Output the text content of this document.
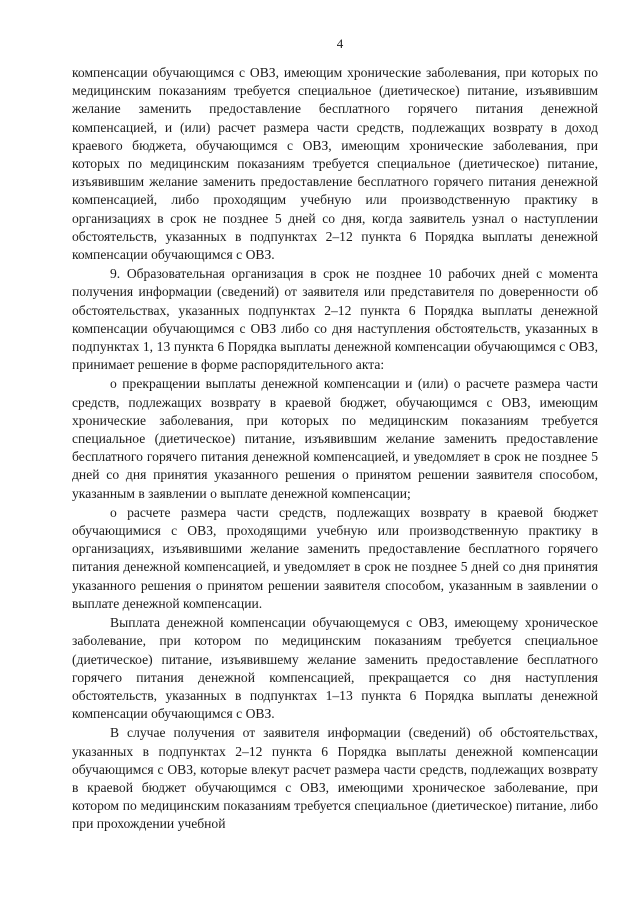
4

компенсации обучающимся с ОВЗ, имеющим хронические заболевания, при которых по медицинским показаниям требуется специальное (диетическое) питание, изъявившим желание заменить предоставление бесплатного горячего питания денежной компенсацией, и (или) расчет размера части средств, подлежащих возврату в доход краевого бюджета, обучающимся с ОВЗ, имеющим хронические заболевания, при которых по медицинским показаниям требуется специальное (диетическое) питание, изъявившим желание заменить предоставление бесплатного горячего питания денежной компенсацией, либо проходящим учебную или производственную практику в организациях в срок не позднее 5 дней со дня, когда заявитель узнал о наступлении обстоятельств, указанных в подпунктах 2–12 пункта 6 Порядка выплаты денежной компенсации обучающимся с ОВЗ.

9. Образовательная организация в срок не позднее 10 рабочих дней с момента получения информации (сведений) от заявителя или представителя по доверенности об обстоятельствах, указанных подпунктах 2–12 пункта 6 Порядка выплаты денежной компенсации обучающимся с ОВЗ либо со дня наступления обстоятельств, указанных в подпунктах 1, 13 пункта 6 Порядка выплаты денежной компенсации обучающимся с ОВЗ, принимает решение в форме распорядительного акта:

о прекращении выплаты денежной компенсации и (или) о расчете размера части средств, подлежащих возврату в краевой бюджет, обучающимся с ОВЗ, имеющим хронические заболевания, при которых по медицинским показаниям требуется специальное (диетическое) питание, изъявившим желание заменить предоставление бесплатного горячего питания денежной компенсацией, и уведомляет в срок не позднее 5 дней со дня принятия указанного решения о принятом решении заявителя способом, указанным в заявлении о выплате денежной компенсации;

о расчете размера части средств, подлежащих возврату в краевой бюджет обучающимися с ОВЗ, проходящими учебную или производственную практику в организациях, изъявившими желание заменить предоставление бесплатного горячего питания денежной компенсацией, и уведомляет в срок не позднее 5 дней со дня принятия указанного решения о принятом решении заявителя способом, указанным в заявлении о выплате денежной компенсации.

Выплата денежной компенсации обучающемуся с ОВЗ, имеющему хроническое заболевание, при котором по медицинским показаниям требуется специальное (диетическое) питание, изъявившему желание заменить предоставление бесплатного горячего питания денежной компенсацией, прекращается со дня наступления обстоятельств, указанных в подпунктах 1–13 пункта 6 Порядка выплаты денежной компенсации обучающимся с ОВЗ.

В случае получения от заявителя информации (сведений) об обстоятельствах, указанных в подпунктах 2–12 пункта 6 Порядка выплаты денежной компенсации обучающимся с ОВЗ, которые влекут расчет размера части средств, подлежащих возврату в краевой бюджет обучающимся с ОВЗ, имеющими хроническое заболевание, при котором по медицинским показаниям требуется специальное (диетическое) питание, либо при прохождении учебной
